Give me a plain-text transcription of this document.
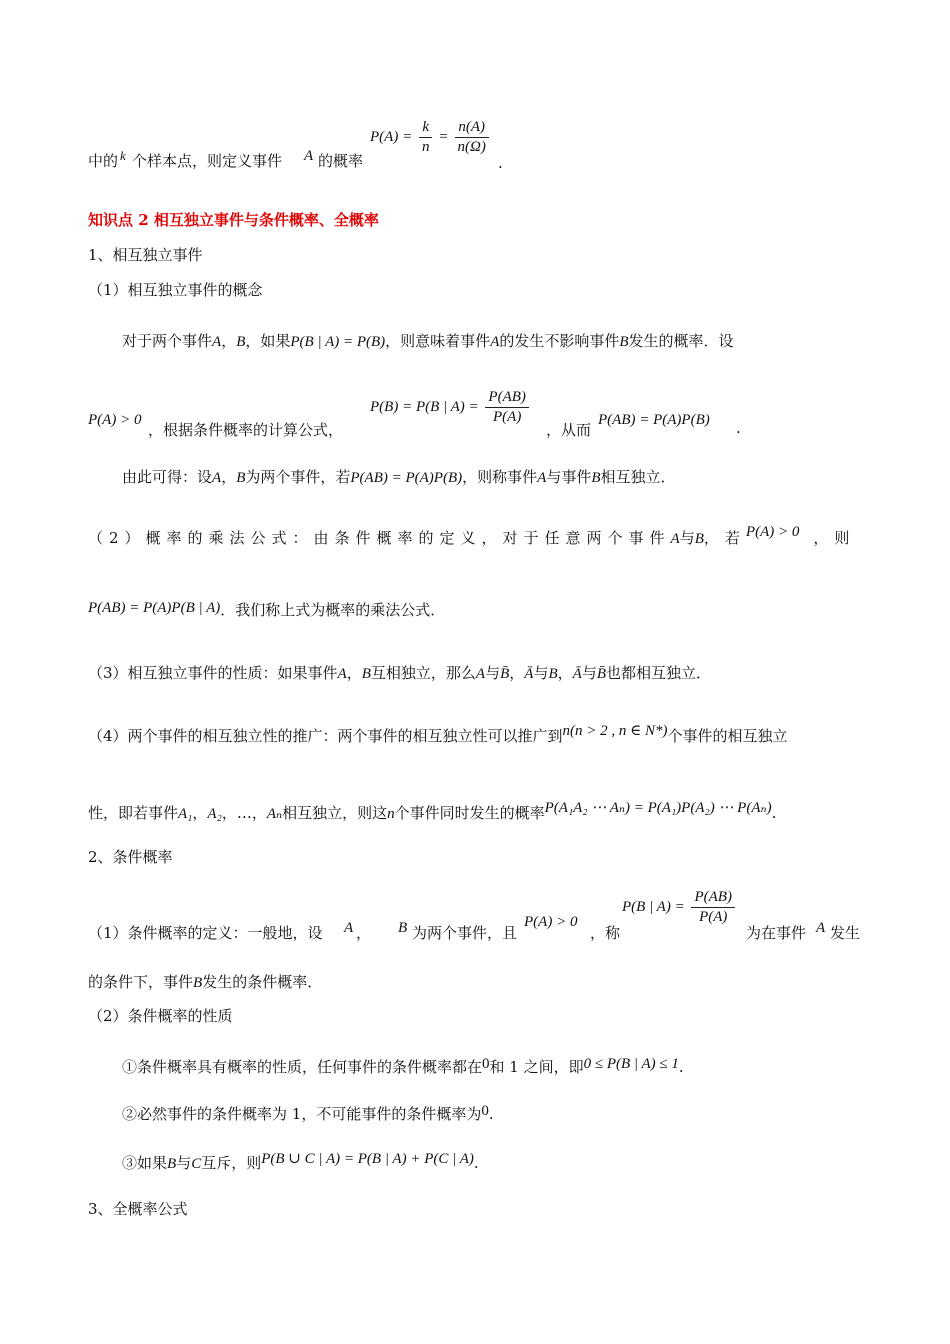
中的 k 个样本点，则定义事件 A 的概率
$P(A) = \frac{k}{n} = \frac{n(A)}{n(\Omega)}$
.
知识点 2 相互独立事件与条件概率、全概率
1、相互独立事件
（1）相互独立事件的概念
对于两个事件A，B，如果P(B | A) = P(B)，则意味着事件A的发生不影响事件B发生的概率．设
P(A) > 0
，根据条件概率的计算公式，
P(B) = P(B | $A) = \frac{P(AB)}{P(A)}$
，从而
P(AB) = P(A)P(B) .
由此可得：设A，B为两个事件，若P(AB) = P(A)P(B)，则称事件A与事件B相互独立．
（2）概率的乘法公式：由条件概率的定义，对于任意两个事件A与B，若P(A) > 0 ，则
P(AB) = P(A)P(B | A)．我们称上式为概率的乘法公式．
（3）相互独立事件的性质：如果事件A，B互相独立，那么A与B̄，Ā与B，Ā与B̄也都相互独立．
（4）两个事件的相互独立性的推广：两个事件的相互独立性可以推广到n(n > 2 , n ∈ N*)个事件的相互独立
性，即若事件A₁，A₂，…，Aₙ相互独立，则这n个事件同时发生的概率P(A₁A₂ ⋯ Aₙ) = P(A₁)P(A₂) ⋯ P(Aₙ).
2、条件概率
（1）条件概率的定义：一般地，设 A ， B 为两个事件，且
P(A) > 0
，称
P(B | $A) = \frac{P(AB)}{P(A)}$
为在事件 A 发生
的条件下，事件B发生的条件概率．
（2）条件概率的性质
①条件概率具有概率的性质，任何事件的条件概率都在0和 1 之间，即0 ≤ P(B | A) ≤ 1.
②必然事件的条件概率为 1，不可能事件的条件概率为0.
③如果B与C互斥，则P(B ∪ C | A) = P(B | A) + P(C | A).
3、全概率公式
